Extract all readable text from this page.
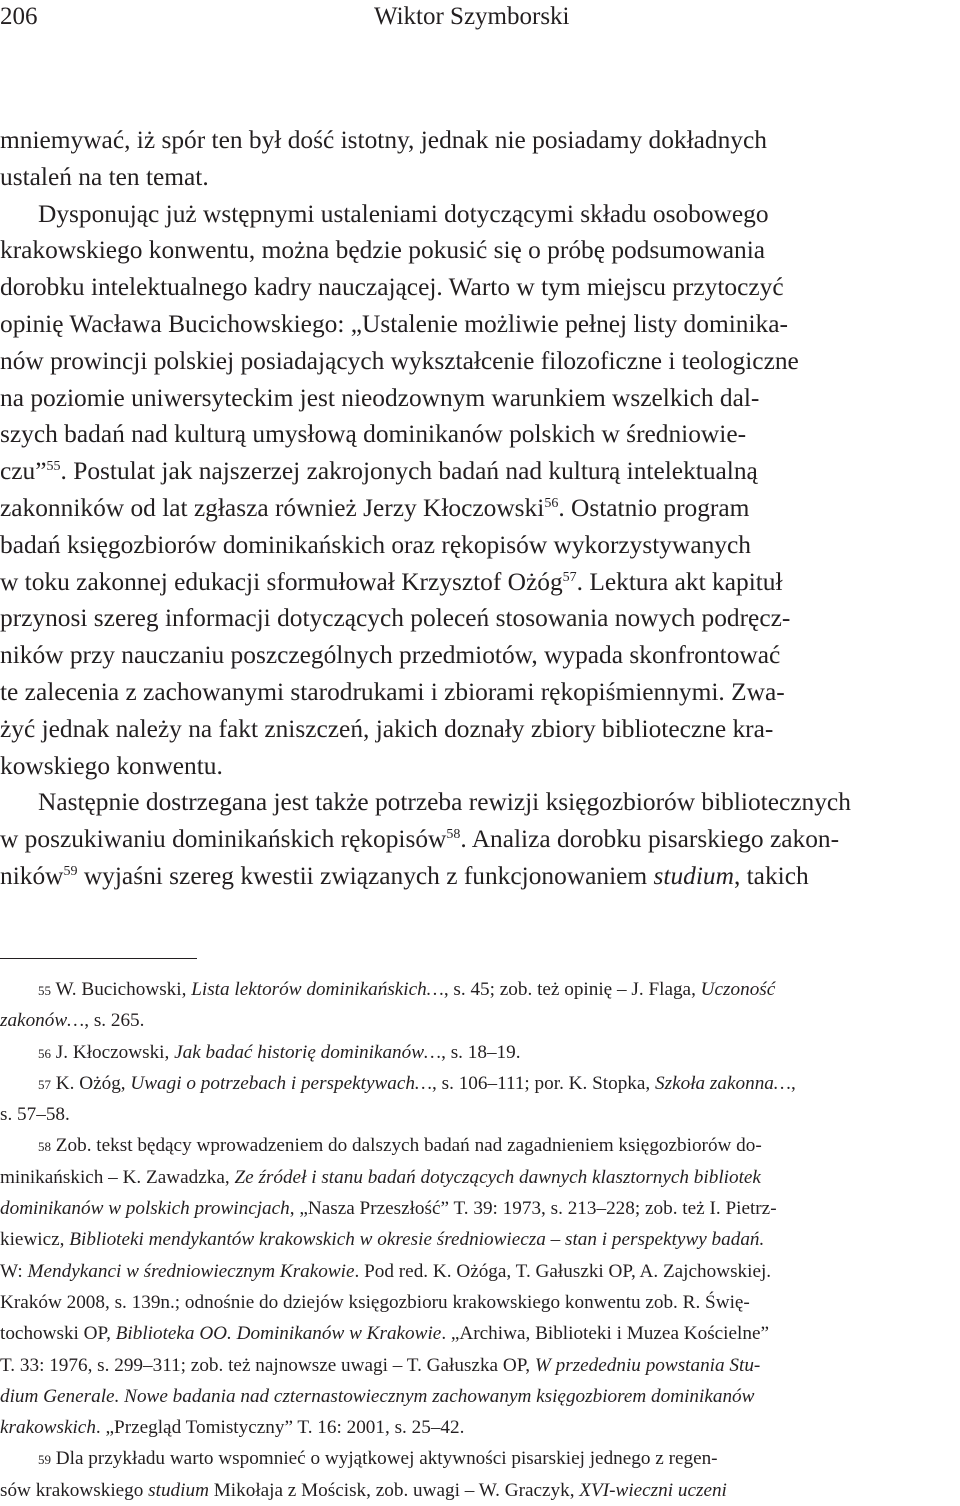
206	Wiktor Szymborski
mniemywać, iż spór ten był dość istotny, jednak nie posiadamy dokładnych
ustaleń na ten temat.
Dysponując już wstępnymi ustaleniami dotyczącymi składu osobowego
krakowskiego konwentu, można będzie pokusić się o próbę podsumowania
dorobku intelektualnego kadry nauczającej. Warto w tym miejscu przytoczyć
opinię Wacława Bucichowskiego: „Ustalenie możliwie pełnej listy dominika-
nów prowincji polskiej posiadających wykształcenie filozoficzne i teologiczne
na poziomie uniwersyteckim jest nieodzownym warunkiem wszelkich dal-
szych badań nad kulturą umysłową dominikanów polskich w średniowie-
czu”$^{55}$. Postulat jak najszerzej zakrojonych badań nad kulturą intelektualną
zakonników od lat zgłasza również Jerzy Kłoczowski$^{56}$. Ostatnio program
badań księgozbiorów dominikańskich oraz rękopisów wykorzystywanych
w toku zakonnej edukacji sformułował Krzysztof Ożóg$^{57}$. Lektura akt kapituł
przynosi szereg informacji dotyczących poleceń stosowania nowych podręcz-
ników przy nauczaniu poszczególnych przedmiotów, wypada skonfrontować
te zalecenia z zachowanymi starodrukami i zbiorami rękopiśmiennymi. Zwa-
żyć jednak należy na fakt zniszczeń, jakich doznały zbiory biblioteczne kra-
kowskiego konwentu.
Następnie dostrzegana jest także potrzeba rewizji księgozbiorów bibliotecznych
w poszukiwaniu dominikańskich rękopisów$^{58}$. Analiza dorobku pisarskiego zakon-
ników$^{59}$ wyjaśni szereg kwestii związanych z funkcjonowaniem studium, takich
55 W. Bucichowski, Lista lektorów dominikańskich…, s. 45; zob. też opinię – J. Flaga, Uczoność
zakonów…, s. 265.
56 J. Kłoczowski, Jak badać historię dominikanów…, s. 18–19.
57 K. Ożóg, Uwagi o potrzebach i perspektywach…, s. 106–111; por. K. Stopka, Szkoła zakonna…,
s. 57–58.
58 Zob. tekst będący wprowadzeniem do dalszych badań nad zagadnieniem księgozbiorów do-
minikańskich – K. Zawadzka, Ze źródeł i stanu badań dotyczących dawnych klasztornych bibliotek
dominikanów w polskich prowincjach, „Nasza Przeszłość” T. 39: 1973, s. 213–228; zob. też I. Pietrz-
kiewicz, Biblioteki mendykantów krakowskich w okresie średniowiecza – stan i perspektywy badań.
W: Mendykanci w średniowiecznym Krakowie. Pod red. K. Ożóga, T. Gałuszki OP, A. Zajchowskiej.
Kraków 2008, s. 139n.; odnośnie do dziejów księgozbioru krakowskiego konwentu zob. R. Świę-
tochowski OP, Biblioteka OO. Dominikanów w Krakowie. „Archiwa, Biblioteki i Muzea Kościelne”
T. 33: 1976, s. 299–311; zob. też najnowsze uwagi – T. Gałuszka OP, W przededniu powstania Stu-
dium Generale. Nowe badania nad czternastowiecznym zachowanym księgozbiorem dominikanów
krakowskich. „Przegląd Tomistyczny” T. 16: 2001, s. 25–42.
59 Dla przykładu warto wspomnieć o wyjątkowej aktywności pisarskiej jednego z regen-
sów krakowskiego studium Mikołaja z Mościsk, zob. uwagi – W. Graczyk, XVI-wieczni uczeni
